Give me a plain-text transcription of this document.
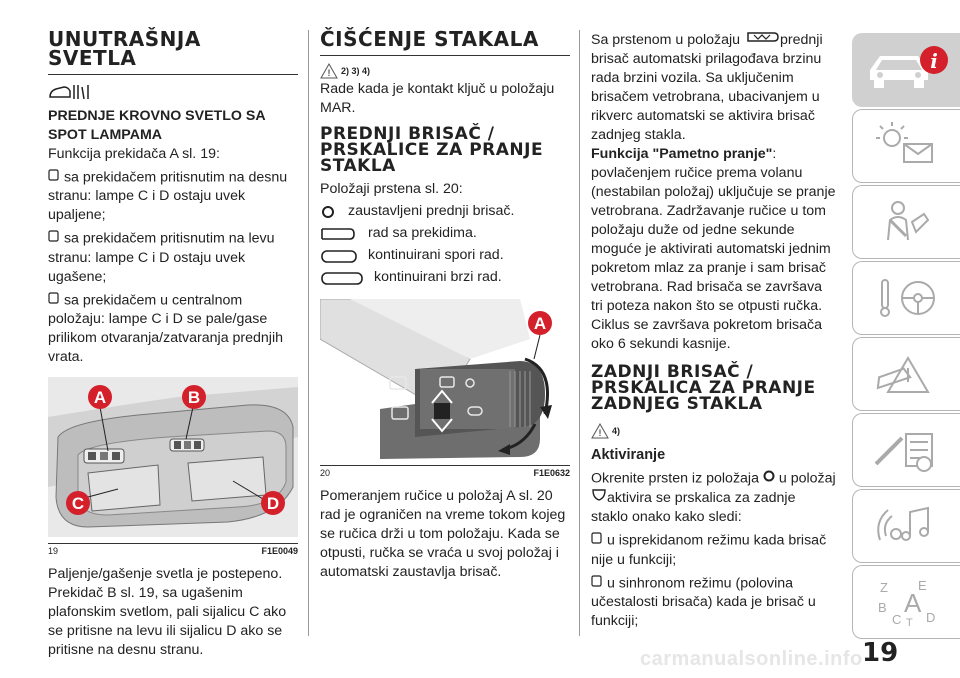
UNUTRAŠNJA SVETLA
PREDNJE KROVNO SVETLO SA SPOT LAMPAMA

Funkcija prekidača A sl. 19:

sa prekidačem pritisnutim na desnu stranu: lampe C i D ostaju uvek upaljene;

sa prekidačem pritisnutim na levu stranu: lampe C i D ostaju uvek ugašene;

sa prekidačem u centralnom položaju: lampe C i D se pale/gase prilikom otvaranja/zatvaranja prednjih vrata.

A	B
C	D
19	F1E0049

Paljenje/gašenje svetla je postepeno. Prekidač B sl. 19, sa ugašenim plafonskim svetlom, pali sijalicu C ako se pritisne na levu ili sijalicu D ako se pritisne na desnu stranu.

ČIŠĆENJE STAKALA
! 2) 3) 4)

Rade kada je kontakt ključ u položaju MAR.

PREDNJI BRISAČ / PRSKALICE ZA PRANJE STAKLA

Položaji prstena sl. 20:

zaustavljeni prednji brisač.
rad sa prekidima.
kontinuirani spori rad.
kontinuirani brzi rad.
A
20	F1E0632

Pomeranjem ručice u položaj A sl. 20 rad je ograničen na vreme tokom kojeg se ručica drži u tom položaju. Kada se otpusti, ručka se vraća u svoj položaj i automatski zaustavlja brisač.

Sa prstenom u položaju	prednji brisač automatski prilagođava brzinu rada brzini vozila. Sa uključenim brisačem vetrobrana, ubacivanjem u rikverc automatski se aktivira brisač zadnjeg stakla.

Funkcija "Pametno pranje": povlačenjem ručice prema volanu (nestabilan položaj) uključuje se pranje vetrobrana. Zadržavanje ručice u tom položaju duže od jedne sekunde moguće je aktivirati automatski jednim pokretom mlaz za pranje i sam brisač vetrobrana. Rad brisača se završava tri poteza nakon što se otpusti ručka. Ciklus se završava pokretom brisača oko 6 sekundi kasnije.

ZADNJI BRISAČ / PRSKALICA ZA PRANJE ZADNJEG STAKLA
! 4)
Aktiviranje

Okrenite prsten iz položaja u položaj aktivira se prskalica za zadnje staklo onako kako sledi:

u isprekidanom režimu kada brisač nije u funkciji;

u sinhronom režimu (polovina učestalosti brisača) kada je brisač u funkciji;

i
Z E
B A
C T D
carmanualsonline.info 19
